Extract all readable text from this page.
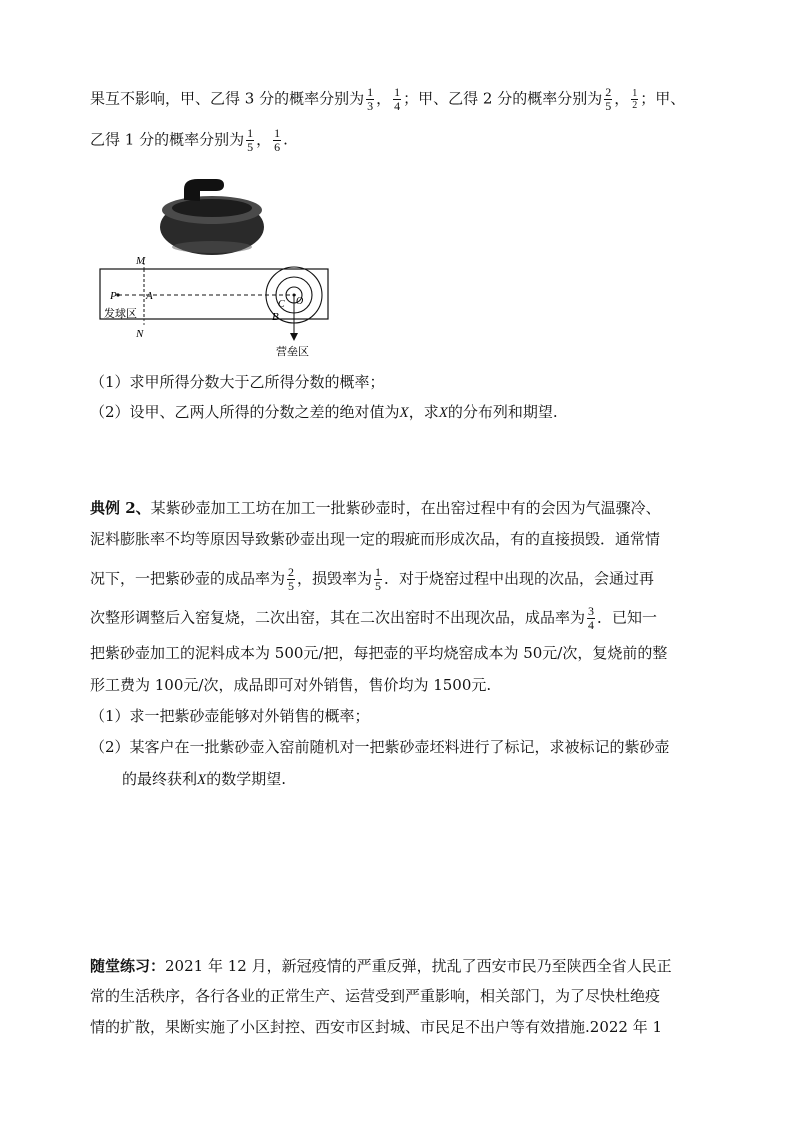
果互不影响，甲、乙得 3 分的概率分别为 $\frac{1}{3}$ ， $\frac{1}{4}$ ；甲、乙得 2 分的概率分别为 $\frac{2}{5}$ ， $\frac{1}{2}$ ；甲、
乙得 1 分的概率分别为 $\frac{1}{5}$ ， $\frac{1}{6}$ .
M
N
P	A
C O
B
发球区
营垒区
（1）求甲所得分数大于乙所得分数的概率；
（2）设甲、乙两人所得的分数之差的绝对值为X，求X的分布列和期望.
典例 2、某紫砂壶加工工坊在加工一批紫砂壶时，在出窑过程中有的会因为气温骤冷、
泥料膨胀率不均等原因导致紫砂壶出现一定的瑕疵而形成次品，有的直接损毁．通常情
况下，一把紫砂壶的成品率为 $\frac{2}{5}$ ，损毁率为 $\frac{1}{5}$ ．对于烧窑过程中出现的次品，会通过再
次整形调整后入窑复烧，二次出窑，其在二次出窑时不出现次品，成品率为 $\frac{3}{4}$ ．已知一
把紫砂壶加工的泥料成本为 500元/把，每把壶的平均烧窑成本为 50元/次，复烧前的整
形工费为 100元/次，成品即可对外销售，售价均为 1500元.
（1）求一把紫砂壶能够对外销售的概率；
（2）某客户在一批紫砂壶入窑前随机对一把紫砂壶坯料进行了标记，求被标记的紫砂壶
的最终获利X的数学期望.
随堂练习：2021 年 12 月，新冠疫情的严重反弹，扰乱了西安市民乃至陕西全省人民正
常的生活秩序，各行各业的正常生产、运营受到严重影响，相关部门，为了尽快杜绝疫
情的扩散，果断实施了小区封控、西安市区封城、市民足不出户等有效措施.2022 年 1
